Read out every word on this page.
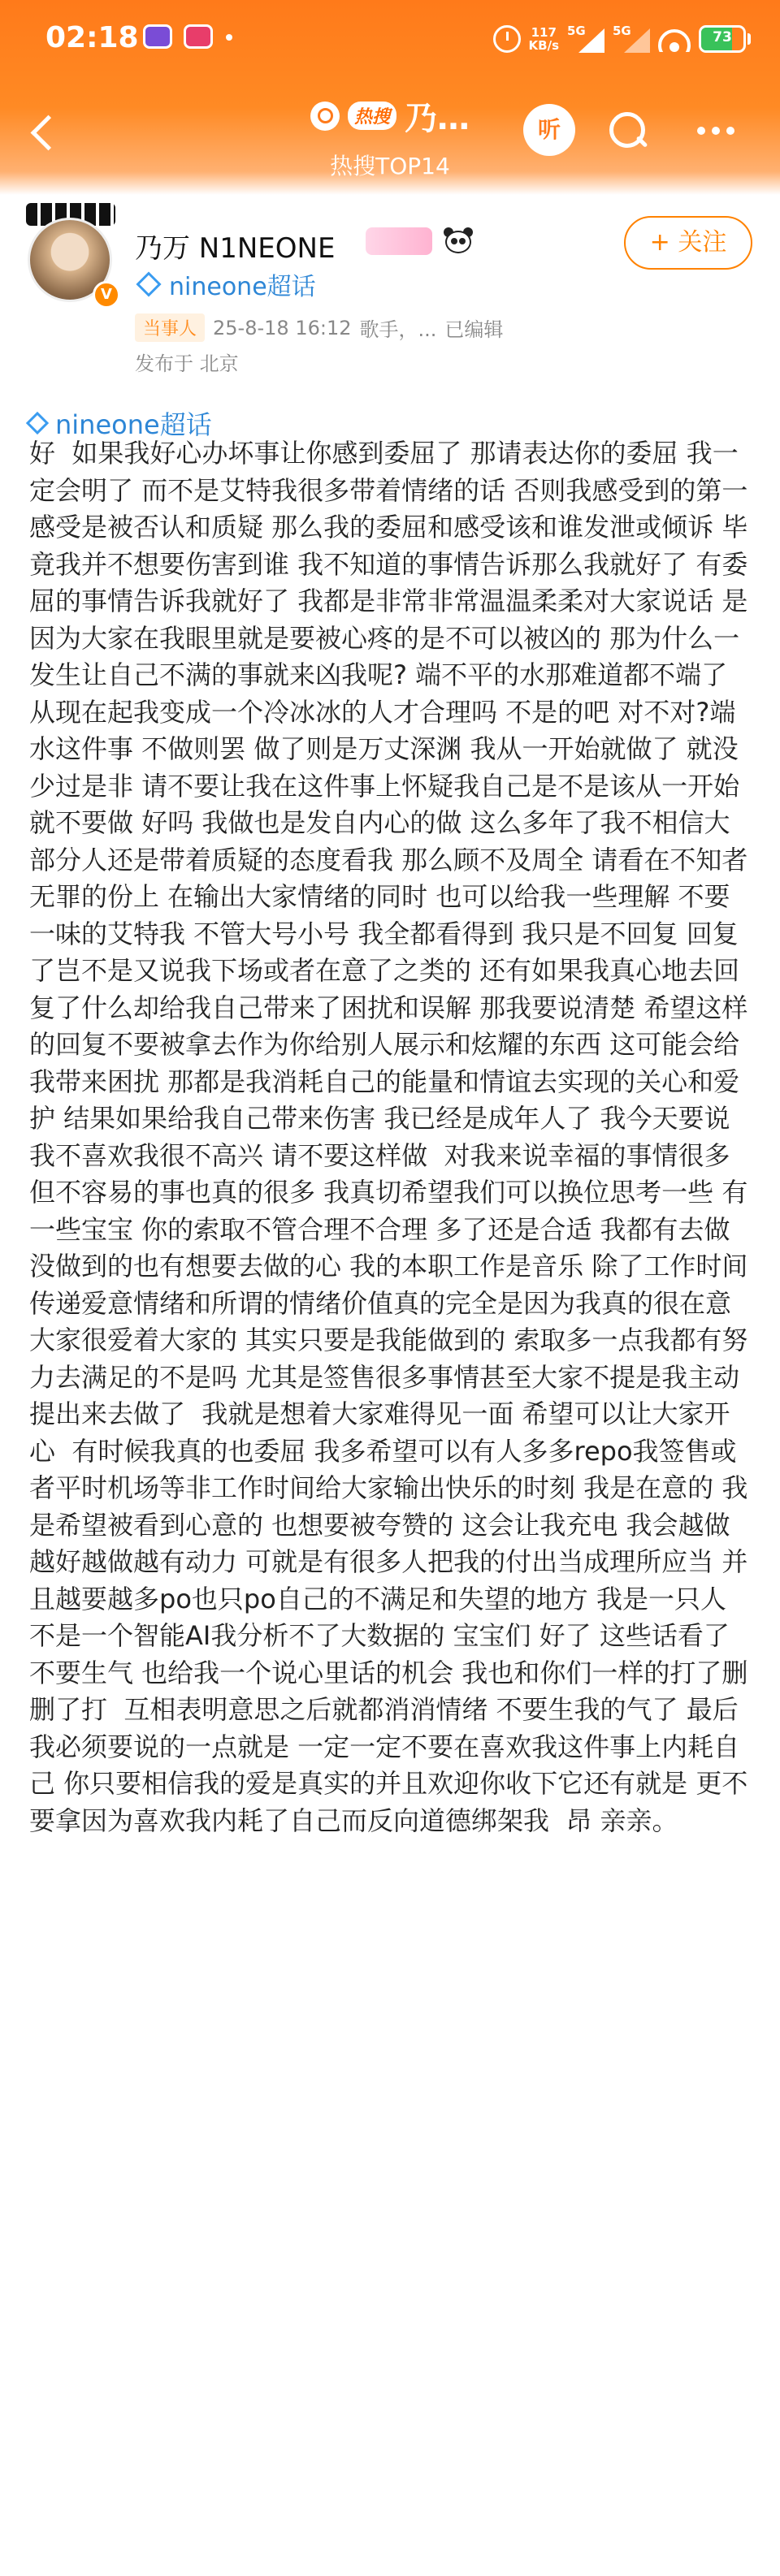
02:18	117
KB/s
5G 5G	73
热搜 乃…
热搜TOP14
听
V
乃万 N1NEONE
nineone超话
+ 关注
当事人 25-8-18 16:12 歌手，... 已编辑
发布于 北京
nineone超话

好  如果我好心办坏事让你感到委屈了 那请表达你的委屈 我一定会明了 而不是艾特我很多带着情绪的话 否则我感受到的第一感受是被否认和质疑 那么我的委屈和感受该和谁发泄或倾诉 毕竟我并不想要伤害到谁 我不知道的事情告诉那么我就好了 有委屈的事情告诉我就好了 我都是非常非常温温柔柔对大家说话 是因为大家在我眼里就是要被心疼的是不可以被凶的 那为什么一发生让自己不满的事就来凶我呢? 端不平的水那难道都不端了 从现在起我变成一个冷冰冰的人才合理吗 不是的吧 对不对?端水这件事 不做则罢 做了则是万丈深渊 我从一开始就做了 就没少过是非 请不要让我在这件事上怀疑我自己是不是该从一开始就不要做 好吗 我做也是发自内心的做 这么多年了我不相信大部分人还是带着质疑的态度看我 那么顾不及周全 请看在不知者无罪的份上 在输出大家情绪的同时 也可以给我一些理解 不要一味的艾特我 不管大号小号 我全都看得到 我只是不回复 回复了岂不是又说我下场或者在意了之类的 还有如果我真心地去回复了什么却给我自己带来了困扰和误解 那我要说清楚 希望这样的回复不要被拿去作为你给别人展示和炫耀的东西 这可能会给我带来困扰 那都是我消耗自己的能量和情谊去实现的关心和爱护 结果如果给我自己带来伤害 我已经是成年人了 我今天要说 我不喜欢我很不高兴 请不要这样做  对我来说幸福的事情很多 但不容易的事也真的很多 我真切希望我们可以换位思考一些 有一些宝宝 你的索取不管合理不合理 多了还是合适 我都有去做 没做到的也有想要去做的心 我的本职工作是音乐 除了工作时间  传递爱意情绪和所谓的情绪价值真的完全是因为我真的很在意大家很爱着大家的 其实只要是我能做到的 索取多一点我都有努力去满足的不是吗 尤其是签售很多事情甚至大家不提是我主动提出来去做了  我就是想着大家难得见一面 希望可以让大家开心  有时候我真的也委屈 我多希望可以有人多多repo我签售或者平时机场等非工作时间给大家输出快乐的时刻 我是在意的 我是希望被看到心意的 也想要被夸赞的 这会让我充电 我会越做越好越做越有动力 可就是有很多人把我的付出当成理所应当 并且越要越多po也只po自己的不满足和失望的地方 我是一只人 不是一个智能AI我分析不了大数据的 宝宝们 好了 这些话看了不要生气 也给我一个说心里话的机会 我也和你们一样的打了删删了打  互相表明意思之后就都消消情绪 不要生我的气了 最后我必须要说的一点就是 一定一定不要在喜欢我这件事上内耗自己 你只要相信我的爱是真实的并且欢迎你收下它还有就是 更不要拿因为喜欢我内耗了自己而反向道德绑架我  昂 亲亲。
